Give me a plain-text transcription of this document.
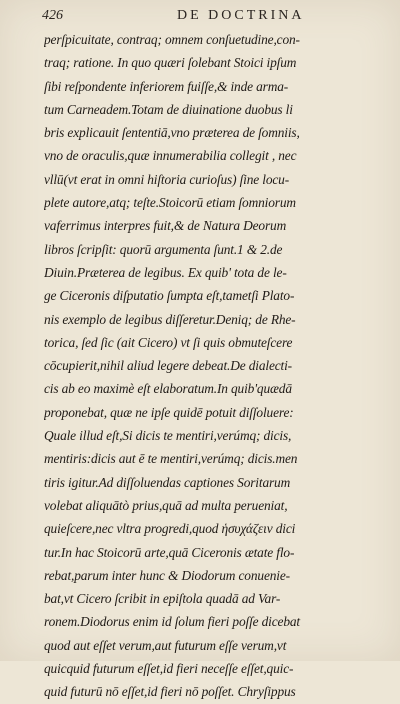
426	DE DOCTRINA
perſpicuitate, contraq; omnem conſuetudine,con-
traq; ratione. In quo quæri ſolebant Stoici ipſum
ſibi reſpondente inferiorem fuiſſe,& inde arma-
tum Carneadem.Totam de diuinatione duobus li
bris explicauit ſententiā,vno præterea de ſomniis,
vno de oraculis,quæ innumerabilia collegit , nec
vllū(vt erat in omni hiſtoria curioſus) ſine locu-
plete autore,atq; teſte.Stoicorū etiam ſomniorum
vaferrimus interpres fuit,& de Natura Deorum
libros ſcripſit: quorū argumenta ſunt.1 & 2.de
Diuin.Præterea de legibus. Ex quib' tota de le-
ge Ciceronis diſputatio ſumpta eſt,tametſi Plato-
nis exemplo de legibus diſſeretur.Deniq; de Rhe-
torica, ſed ſic (ait Cicero) vt ſi quis obmuteſcere
cōcupierit,nihil aliud legere debeat.De dialecti-
cis ab eo maximè eſt elaboratum.In quib'quædā
proponebat, quæ ne ipſe quidē potuit diſſoluere:
Quale illud eſt,Si dicis te mentiri,verúmq; dicis,
mentiris:dicis aut ē te mentiri,verúmq; dicis.men
tiris igitur.Ad diſſoluendas captiones Soritarum
volebat aliquātò prius,quā ad multa perueniat,
quieſcere,nec vltra progredi,quod ἡσυχάζειν dici
tur.In hac Stoicorū arte,quā Ciceronis ætate flo-
rebat,parum inter hunc & Diodorum conuenie-
bat,vt Cicero ſcribit in epiſtola quadā ad Var-
ronem.Diodorus enim id ſolum fieri poſſe dicebat
quod aut eſſet verum,aut futurum eſſe verum,vt
quicquid futurum eſſet,id fieri neceſſe eſſet,quic-
quid futurū nō eſſet,id fieri nō poſſet. Chryſippus
